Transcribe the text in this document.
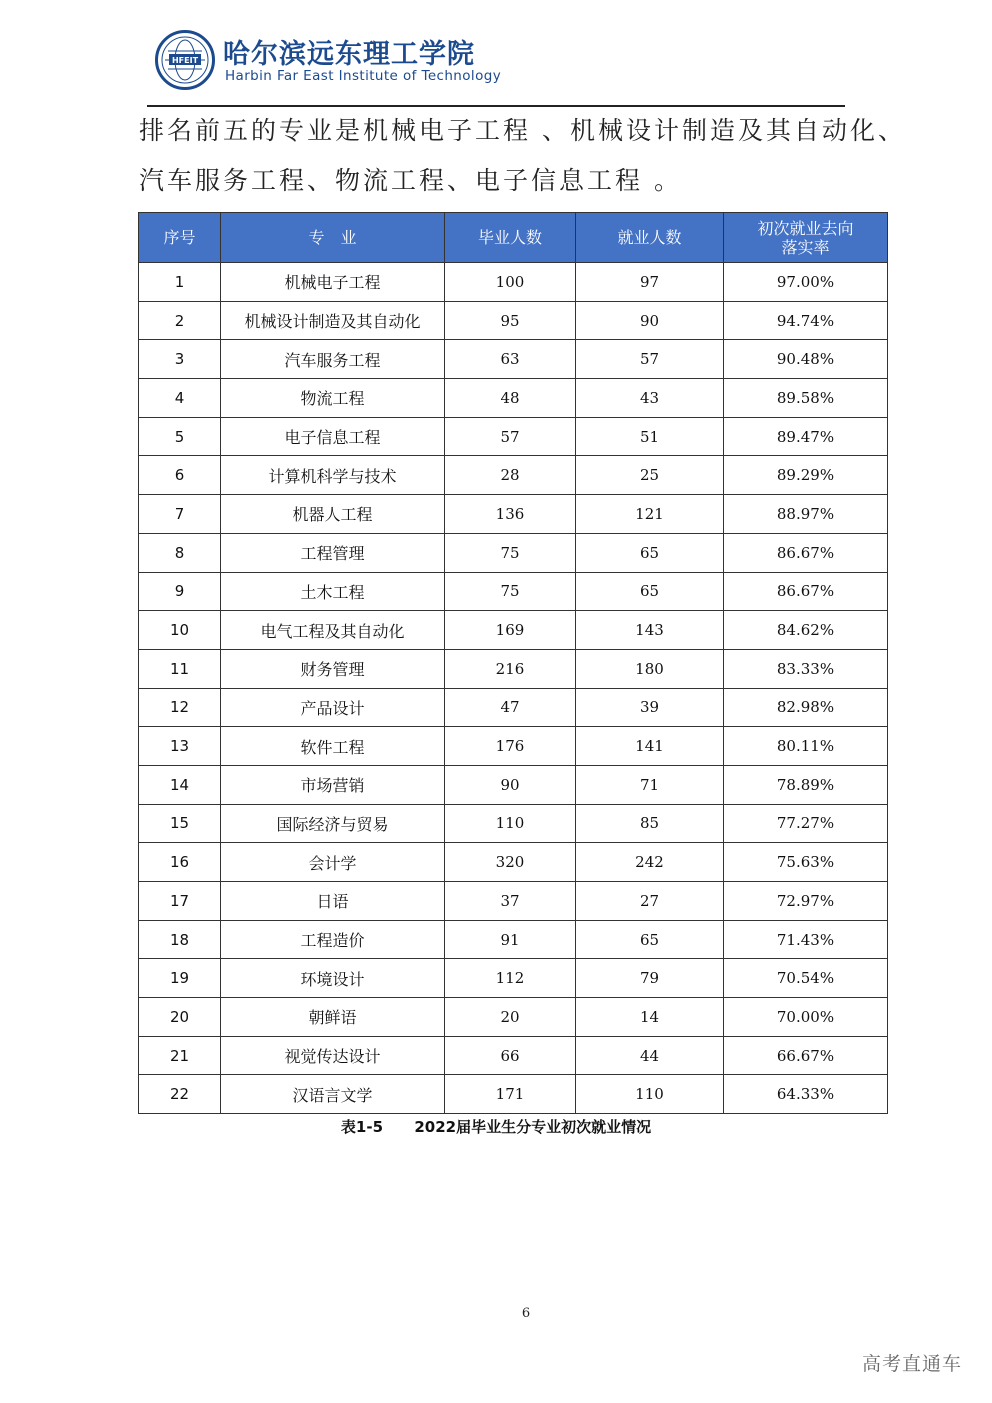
HFEIT 哈尔滨远东理工学院
Harbin Far East Institute of Technology
排名前五的专业是机械电子工程 、机械设计制造及其自动化、
汽车服务工程、物流工程、电子信息工程 。
序号	专　业	毕业人数	就业人数	初次就业去向
落实率
1	机械电子工程	100	97	97.00%
2	机械设计制造及其自动化	95	90	94.74%
3	汽车服务工程	63	57	90.48%
4	物流工程	48	43	89.58%
5	电子信息工程	57	51	89.47%
6	计算机科学与技术	28	25	89.29%
7	机器人工程	136	121	88.97%
8	工程管理	75	65	86.67%
9	土木工程	75	65	86.67%
10	电气工程及其自动化	169	143	84.62%
11	财务管理	216	180	83.33%
12	产品设计	47	39	82.98%
13	软件工程	176	141	80.11%
14	市场营销	90	71	78.89%
15	国际经济与贸易	110	85	77.27%
16	会计学	320	242	75.63%
17	日语	37	27	72.97%
18	工程造价	91	65	71.43%
19	环境设计	112	79	70.54%
20	朝鲜语	20	14	70.00%
21	视觉传达设计	66	44	66.67%
22	汉语言文学	171	110	64.33%
表1-5      2022届毕业生分专业初次就业情况
6
高考直通车
